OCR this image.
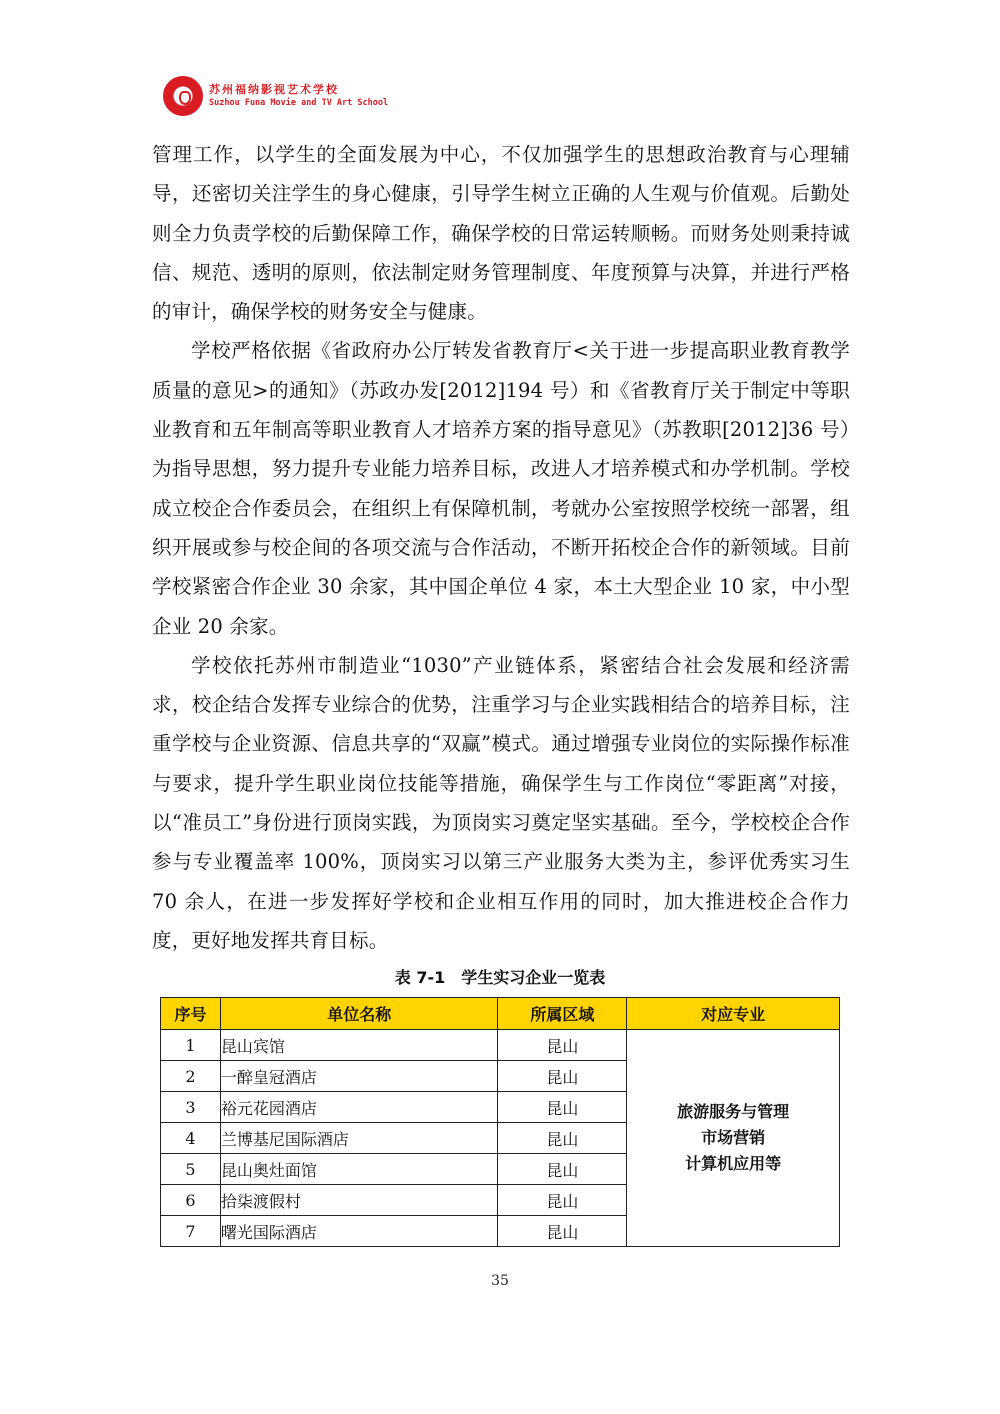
苏州福纳影视艺术学校
Suzhou Funa Movie and TV Art School

管理工作，以学生的全面发展为中心，不仅加强学生的思想政治教育与心理辅导，还密切关注学生的身心健康，引导学生树立正确的人生观与价值观。后勤处则全力负责学校的后勤保障工作，确保学校的日常运转顺畅。而财务处则秉持诚信、规范、透明的原则，依法制定财务管理制度、年度预算与决算，并进行严格的审计，确保学校的财务安全与健康。

学校严格依据《省政府办公厅转发省教育厅<关于进一步提高职业教育教学质量的意见>的通知》（苏政办发[2012]194 号）和《省教育厅关于制定中等职业教育和五年制高等职业教育人才培养方案的指导意见》（苏教职[2012]36 号）为指导思想，努力提升专业能力培养目标，改进人才培养模式和办学机制。学校成立校企合作委员会，在组织上有保障机制，考就办公室按照学校统一部署，组织开展或参与校企间的各项交流与合作活动，不断开拓校企合作的新领域。目前学校紧密合作企业 30 余家，其中国企单位 4 家，本土大型企业 10 家，中小型企业 20 余家。

学校依托苏州市制造业“1030”产业链体系，紧密结合社会发展和经济需求，校企结合发挥专业综合的优势，注重学习与企业实践相结合的培养目标，注重学校与企业资源、信息共享的“双赢”模式。通过增强专业岗位的实际操作标准与要求，提升学生职业岗位技能等措施，确保学生与工作岗位“零距离”对接，以“准员工”身份进行顶岗实践，为顶岗实习奠定坚实基础。至今，学校校企合作参与专业覆盖率 100%，顶岗实习以第三产业服务大类为主，参评优秀实习生 70 余人，在进一步发挥好学校和企业相互作用的同时，加大推进校企合作力度，更好地发挥共育目标。

表 7-1　学生实习企业一览表
序号	单位名称	所属区域	对应专业
1	昆山宾馆	昆山	旅游服务与管理
市场营销
计算机应用等

2	一醉皇冠酒店	昆山	
3	裕元花园酒店	昆山	
4	兰博基尼国际酒店	昆山	
5	昆山奥灶面馆	昆山	
6	拾柒渡假村	昆山	
7	曙光国际酒店	昆山	
35
